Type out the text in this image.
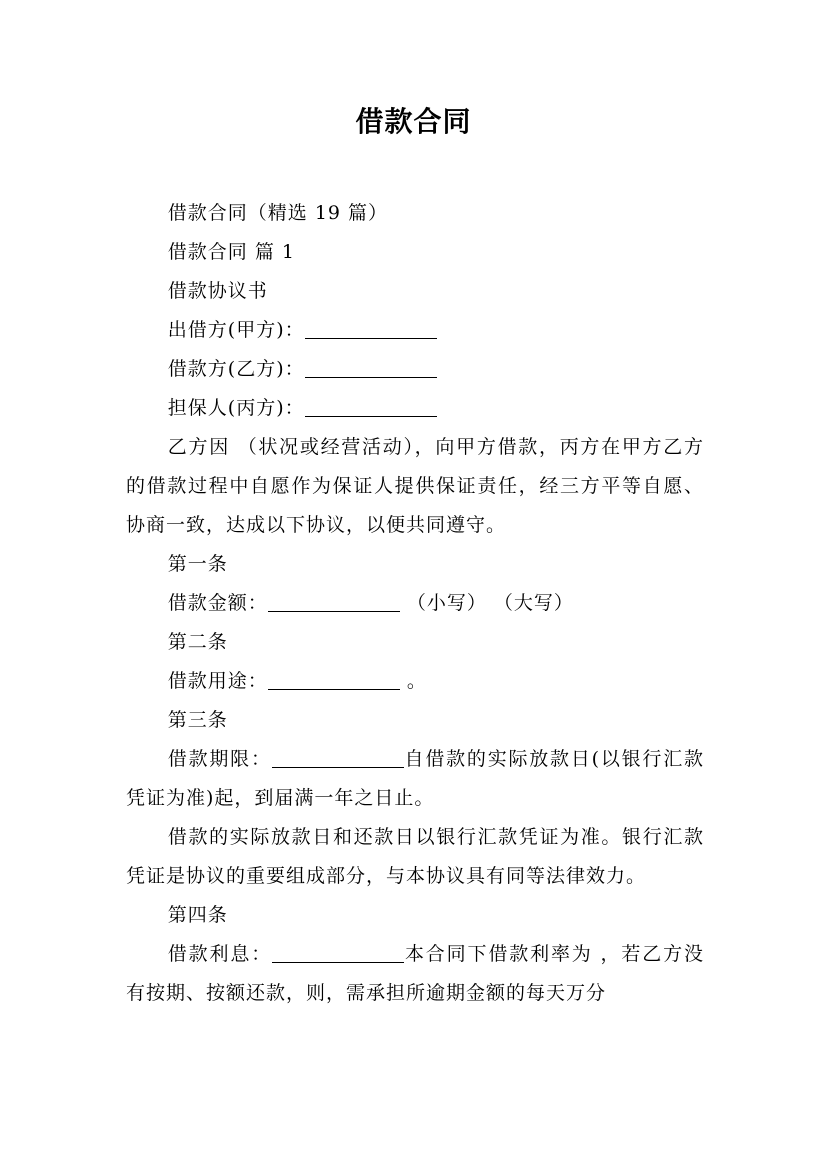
借款合同

借款合同（精选 19 篇）

借款合同 篇 1

借款协议书

出借方(甲方)：

借款方(乙方)：

担保人(丙方)：

乙方因 （状况或经营活动），向甲方借款，丙方在甲方乙方的借款过程中自愿作为保证人提供保证责任，经三方平等自愿、协商一致，达成以下协议，以便共同遵守。

第一条

借款金额：	（小写） （大写）

第二条

借款用途：	。

第三条

借款期限：	自借款的实际放款日(以银行汇款凭证为准)起，到届满一年之日止。

借款的实际放款日和还款日以银行汇款凭证为准。银行汇款凭证是协议的重要组成部分，与本协议具有同等法律效力。

第四条

借款利息：	本合同下借款利率为 ，若乙方没有按期、按额还款，则，需承担所逾期金额的每天万分
